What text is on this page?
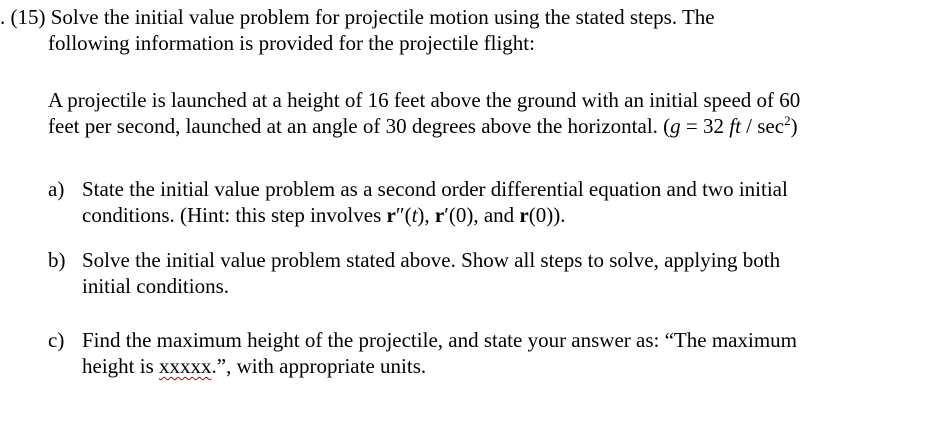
. (15) Solve the initial value problem for projectile motion using the stated steps. The
following information is provided for the projectile flight:
A projectile is launched at a height of 16 feet above the ground with an initial speed of 60
feet per second, launched at an angle of 30 degrees above the horizontal. (g = 32 ft / $\sec^2$)
a) State the initial value problem as a second order differential equation and two initial
conditions. (Hint: this step involves r″(t), r′(0), and r(0)).
b) Solve the initial value problem stated above. Show all steps to solve, applying both
initial conditions.
c) Find the maximum height of the projectile, and state your answer as: “The maximum
height is xxxxx.”, with appropriate units.
